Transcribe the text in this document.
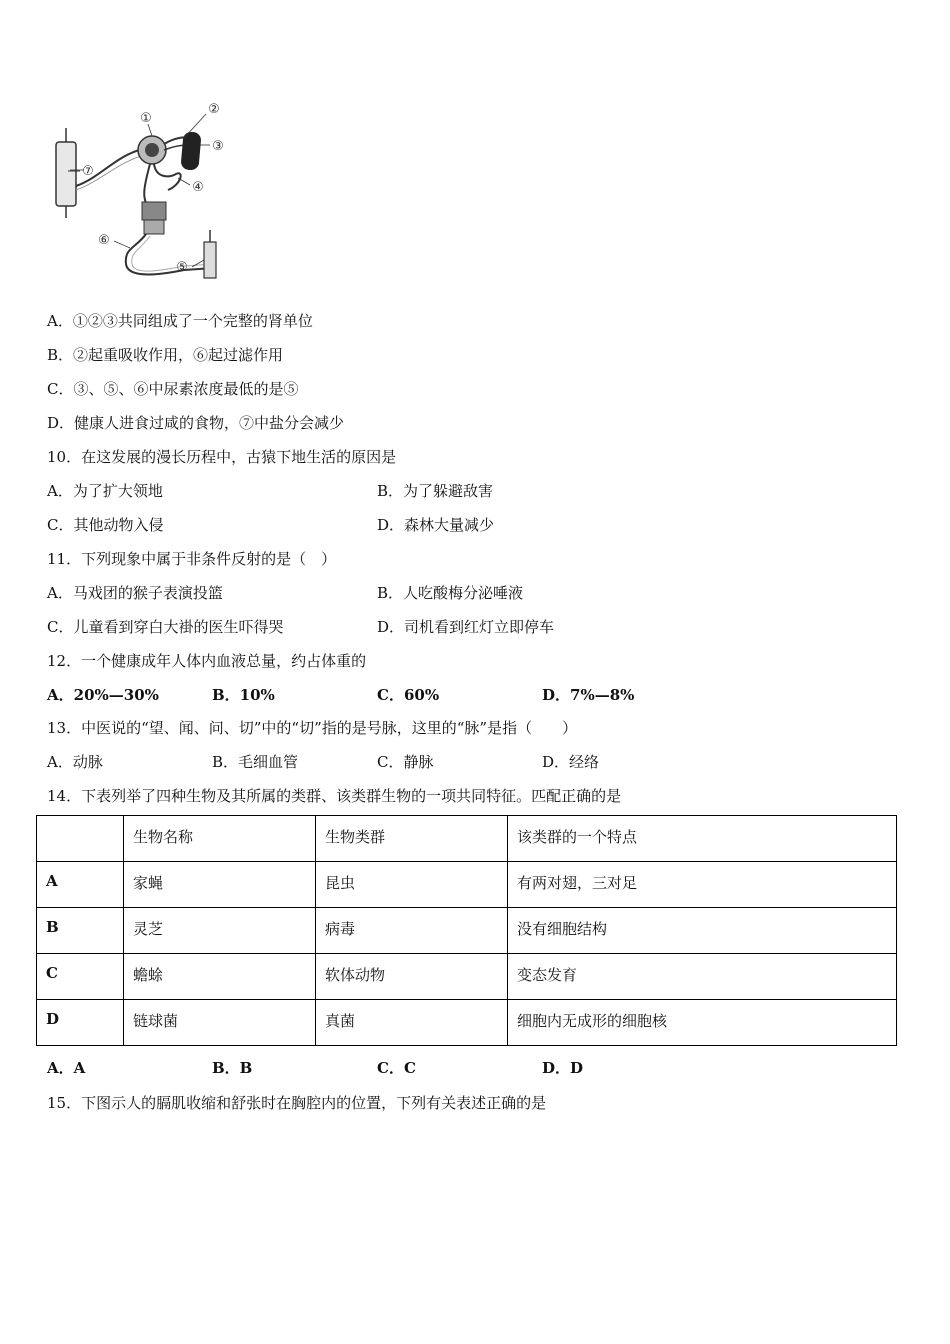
①
②
③
④
⑤
⑥
⑦
A．①②③共同组成了一个完整的肾单位
B．②起重吸收作用，⑥起过滤作用
C．③、⑤、⑥中尿素浓度最低的是⑤
D．健康人进食过咸的食物，⑦中盐分会减少
10．在这发展的漫长历程中，古猿下地生活的原因是
A．为了扩大领地	B．为了躲避敌害
C．其他动物入侵	D．森林大量减少
11．下列现象中属于非条件反射的是（　）
A．马戏团的猴子表演投篮	B．人吃酸梅分泌唾液
C．儿童看到穿白大褂的医生吓得哭	D．司机看到红灯立即停车
12．一个健康成年人体内血液总量，约占体重的
A．20%—30%	B．10%	C．60%	D．7%—8%
13．中医说的“望、闻、问、切”中的“切”指的是号脉，这里的“脉”是指（　　）
A．动脉	B．毛细血管	C．静脉	D．经络
14．下表列举了四种生物及其所属的类群、该类群生物的一项共同特征。匹配正确的是
	生物名称	生物类群	该类群的一个特点
A	家蝇	昆虫	有两对翅，三对足
B	灵芝	病毒	没有细胞结构
C	蟾蜍	软体动物	变态发育
D	链球菌	真菌	细胞内无成形的细胞核
A．A	B．B	C．C	D．D
15．下图示人的膈肌收缩和舒张时在胸腔内的位置，下列有关表述正确的是
